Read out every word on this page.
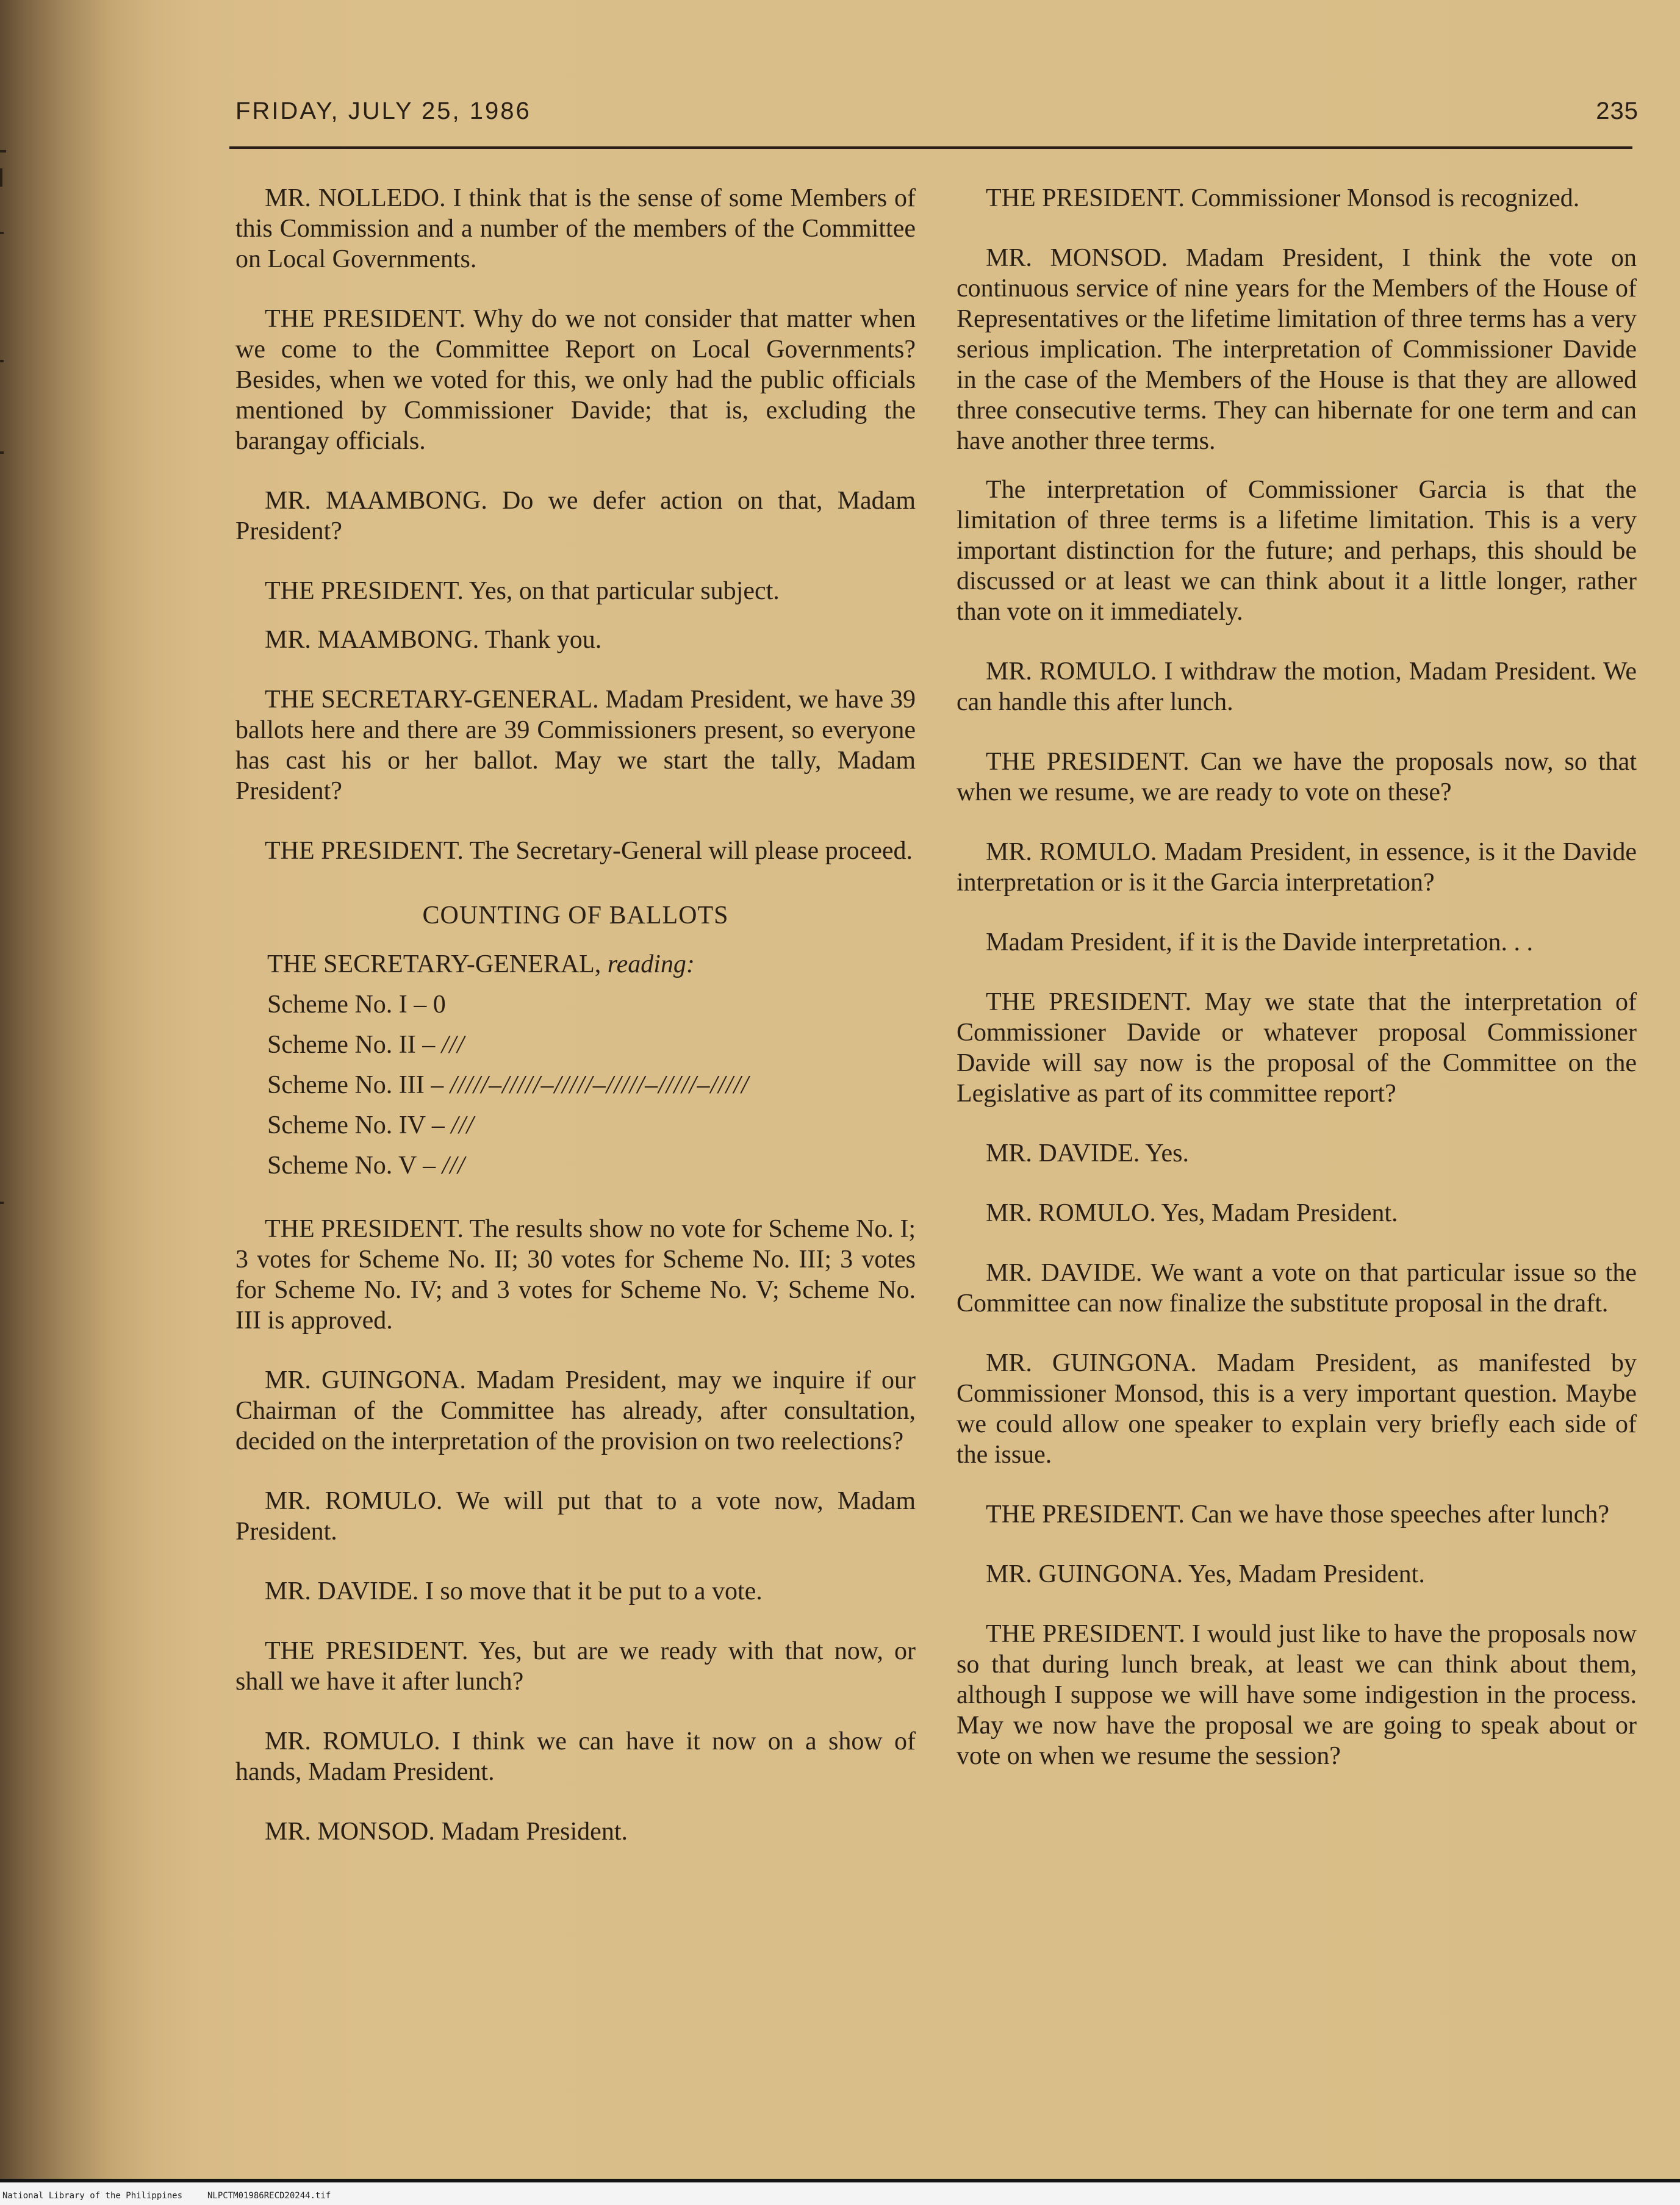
FRIDAY, JULY 25, 1986	235

MR. NOLLEDO. I think that is the sense of some Members of this Commission and a number of the members of the Committee on Local Governments.

THE PRESIDENT. Why do we not consider that matter when we come to the Committee Report on Local Governments? Besides, when we voted for this, we only had the public officials mentioned by Commissioner Davide; that is, excluding the barangay officials.

MR. MAAMBONG. Do we defer action on that, Madam President?

THE PRESIDENT. Yes, on that particular subject.

MR. MAAMBONG. Thank you.

THE SECRETARY-GENERAL. Madam President, we have 39 ballots here and there are 39 Commissioners present, so everyone has cast his or her ballot. May we start the tally, Madam President?

THE PRESIDENT. The Secretary-General will please proceed.

COUNTING OF BALLOTS

THE SECRETARY-GENERAL, reading:

Scheme No. I – 0
Scheme No. II – ///
Scheme No. III – /////–/////–/////–/////–/////–/////
Scheme No. IV – ///
Scheme No. V – ///

THE PRESIDENT. The results show no vote for Scheme No. I; 3 votes for Scheme No. II; 30 votes for Scheme No. III; 3 votes for Scheme No. IV; and 3 votes for Scheme No. V; Scheme No. III is approved.

MR. GUINGONA. Madam President, may we inquire if our Chairman of the Committee has already, after consultation, decided on the interpretation of the provision on two reelections?

MR. ROMULO. We will put that to a vote now, Madam President.

MR. DAVIDE. I so move that it be put to a vote.

THE PRESIDENT. Yes, but are we ready with that now, or shall we have it after lunch?

MR. ROMULO. I think we can have it now on a show of hands, Madam President.

MR. MONSOD. Madam President.

THE PRESIDENT. Commissioner Monsod is recognized.

MR. MONSOD. Madam President, I think the vote on continuous service of nine years for the Members of the House of Representatives or the lifetime limitation of three terms has a very serious implication. The interpretation of Commissioner Davide in the case of the Members of the House is that they are allowed three consecutive terms. They can hibernate for one term and can have another three terms.

The interpretation of Commissioner Garcia is that the limitation of three terms is a lifetime limitation. This is a very important distinction for the future; and perhaps, this should be discussed or at least we can think about it a little longer, rather than vote on it immediately.

MR. ROMULO. I withdraw the motion, Madam President. We can handle this after lunch.

THE PRESIDENT. Can we have the proposals now, so that when we resume, we are ready to vote on these?

MR. ROMULO. Madam President, in essence, is it the Davide interpretation or is it the Garcia interpretation?

Madam President, if it is the Davide interpretation. . .

THE PRESIDENT. May we state that the interpretation of Commissioner Davide or whatever proposal Commissioner Davide will say now is the proposal of the Committee on the Legislative as part of its committee report?

MR. DAVIDE. Yes.

MR. ROMULO. Yes, Madam President.

MR. DAVIDE. We want a vote on that particular issue so the Committee can now finalize the substitute proposal in the draft.

MR. GUINGONA. Madam President, as manifested by Commissioner Monsod, this is a very important question. Maybe we could allow one speaker to explain very briefly each side of the issue.

THE PRESIDENT. Can we have those speeches after lunch?

MR. GUINGONA. Yes, Madam President.

THE PRESIDENT. I would just like to have the proposals now so that during lunch break, at least we can think about them, although I suppose we will have some indigestion in the process. May we now have the proposal we are going to speak about or vote on when we resume the session?

National Library of the Philippines	NLPCTM01986RECD20244.tif
